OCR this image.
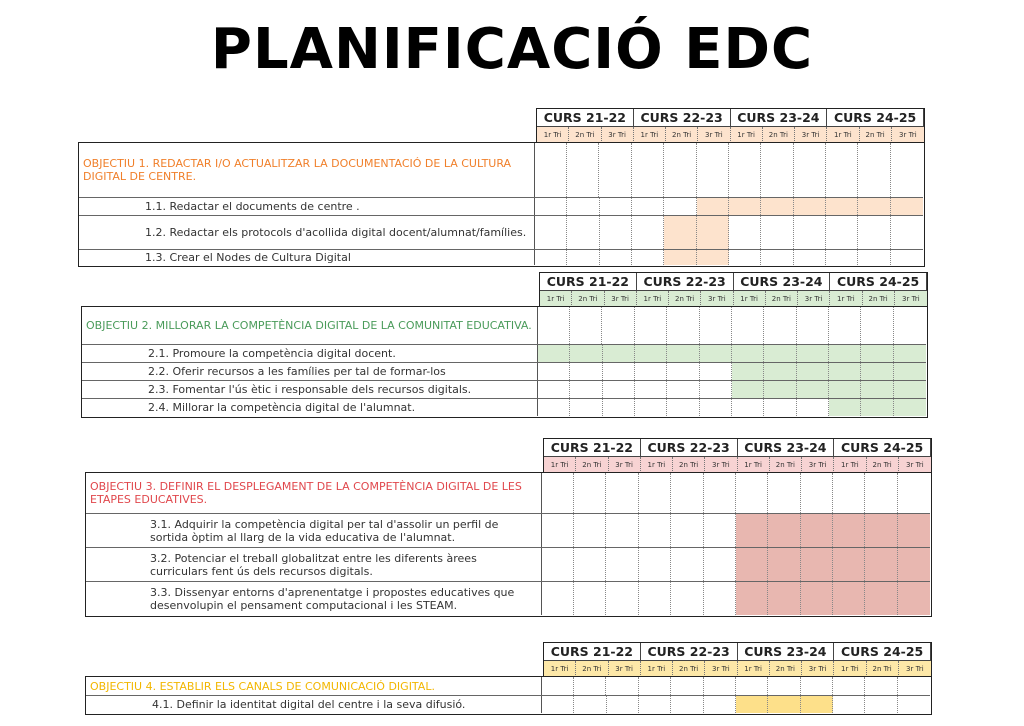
PLANIFICACIÓ EDC
CURS 21-22	CURS 22-23	CURS 23-24	CURS 24-25
1r Tri	2n Tri	3r Tri	1r Tri	2n Tri	3r Tri	1r Tri	2n Tri	3r Tri	1r Tri	2n Tri	3r Tri
OBJECTIU 1. REDACTAR I/O ACTUALITZAR LA DOCUMENTACIÓ DE LA CULTURA DIGITAL DE CENTRE.
1.1. Redactar el documents de centre .
1.2. Redactar els protocols d'acollida digital docent/alumnat/famílies.
1.3. Crear el Nodes de Cultura Digital
CURS 21-22	CURS 22-23	CURS 23-24	CURS 24-25
1r Tri	2n Tri	3r Tri	1r Tri	2n Tri	3r Tri	1r Tri	2n Tri	3r Tri	1r Tri	2n Tri	3r Tri
OBJECTIU 2. MILLORAR LA COMPETÈNCIA DIGITAL DE LA COMUNITAT EDUCATIVA.
2.1. Promoure la competència digital docent.
2.2. Oferir recursos a les famílies per tal de formar-los
2.3. Fomentar l'ús ètic i responsable dels recursos digitals.
2.4. Millorar la competència digital de l'alumnat.
CURS 21-22	CURS 22-23	CURS 23-24	CURS 24-25
1r Tri	2n Tri	3r Tri	1r Tri	2n Tri	3r Tri	1r Tri	2n Tri	3r Tri	1r Tri	2n Tri	3r Tri
OBJECTIU 3. DEFINIR EL DESPLEGAMENT DE LA COMPETÈNCIA DIGITAL DE LES ETAPES EDUCATIVES.
3.1. Adquirir la competència digital per tal d'assolir un perfil de sortida òptim al llarg de la vida educativa de l'alumnat.
3.2. Potenciar el treball globalitzat entre les diferents àrees curriculars fent ús dels recursos digitals.
3.3. Dissenyar entorns d'aprenentatge i propostes educatives que desenvolupin el pensament computacional i les STEAM.
CURS 21-22	CURS 22-23	CURS 23-24	CURS 24-25
1r Tri	2n Tri	3r Tri	1r Tri	2n Tri	3r Tri	1r Tri	2n Tri	3r Tri	1r Tri	2n Tri	3r Tri
OBJECTIU 4. ESTABLIR ELS CANALS DE COMUNICACIÓ DIGITAL.
4.1. Definir la identitat digital del centre i la seva difusió.
